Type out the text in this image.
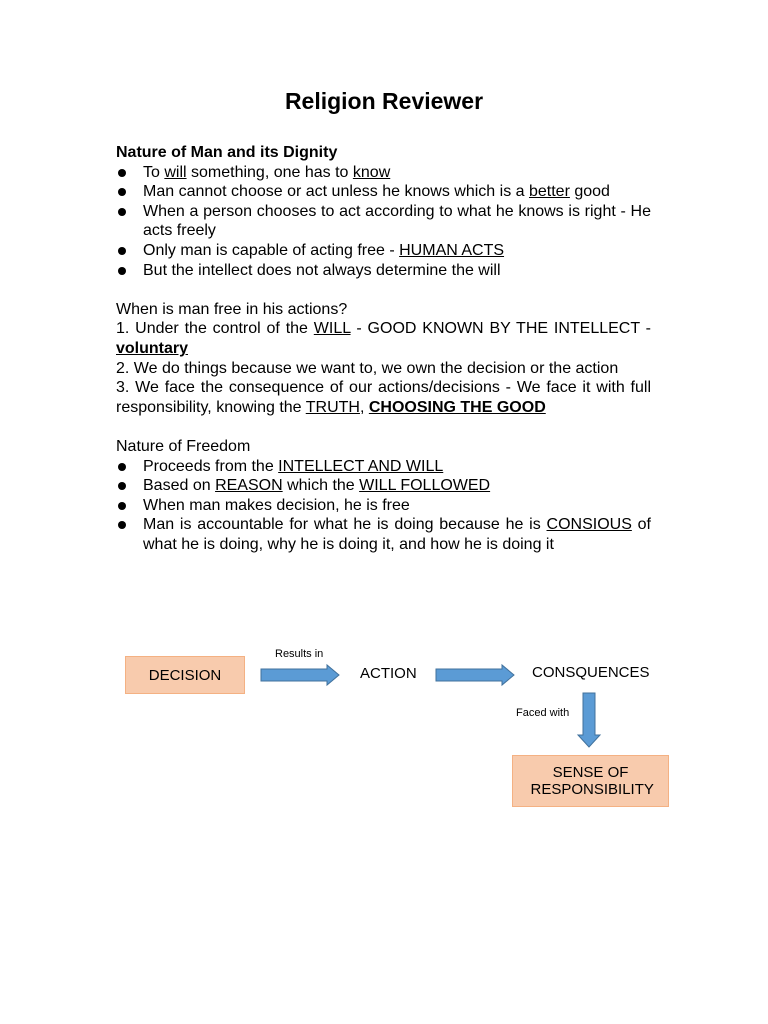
Religion Reviewer
Nature of Man and its Dignity
To will something, one has to know
Man cannot choose or act unless he knows which is a better good
When a person chooses to act according to what he knows is right - He acts freely
Only man is capable of acting free - HUMAN ACTS
But the intellect does not always determine the will

When is man free in his actions?

1. Under the control of the WILL - GOOD KNOWN BY THE INTELLECT - voluntary

2. We do things because we want to, we own the decision or the action

3. We face the consequence of our actions/decisions - We face it with full responsibility, knowing the TRUTH, CHOOSING THE GOOD

Nature of Freedom
Proceeds from the INTELLECT AND WILL
Based on REASON which the WILL FOLLOWED
When man makes decision, he is free
Man is accountable for what he is doing because he is CONSIOUS of what he is doing, why he is doing it, and how he is doing it
DECISION
Results in
ACTION	CONSQUENCES
Faced with
SENSE OF RESPONSIBILITY
